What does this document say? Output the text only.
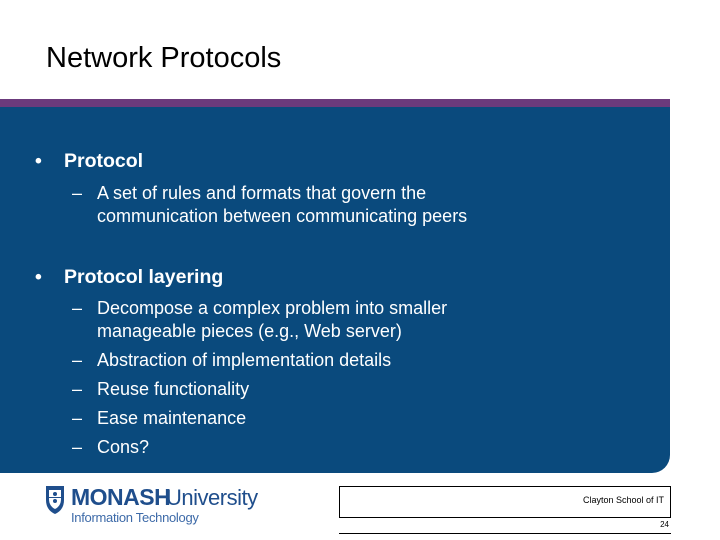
Network Protocols
• Protocol
– A set of rules and formats that govern the
communication between communicating peers
• Protocol layering
– Decompose a complex problem into smaller
manageable pieces (e.g., Web server)
– Abstraction of implementation details
– Reuse functionality
– Ease maintenance
– Cons?
MONASH
University
Information Technology
Clayton School of IT
24
